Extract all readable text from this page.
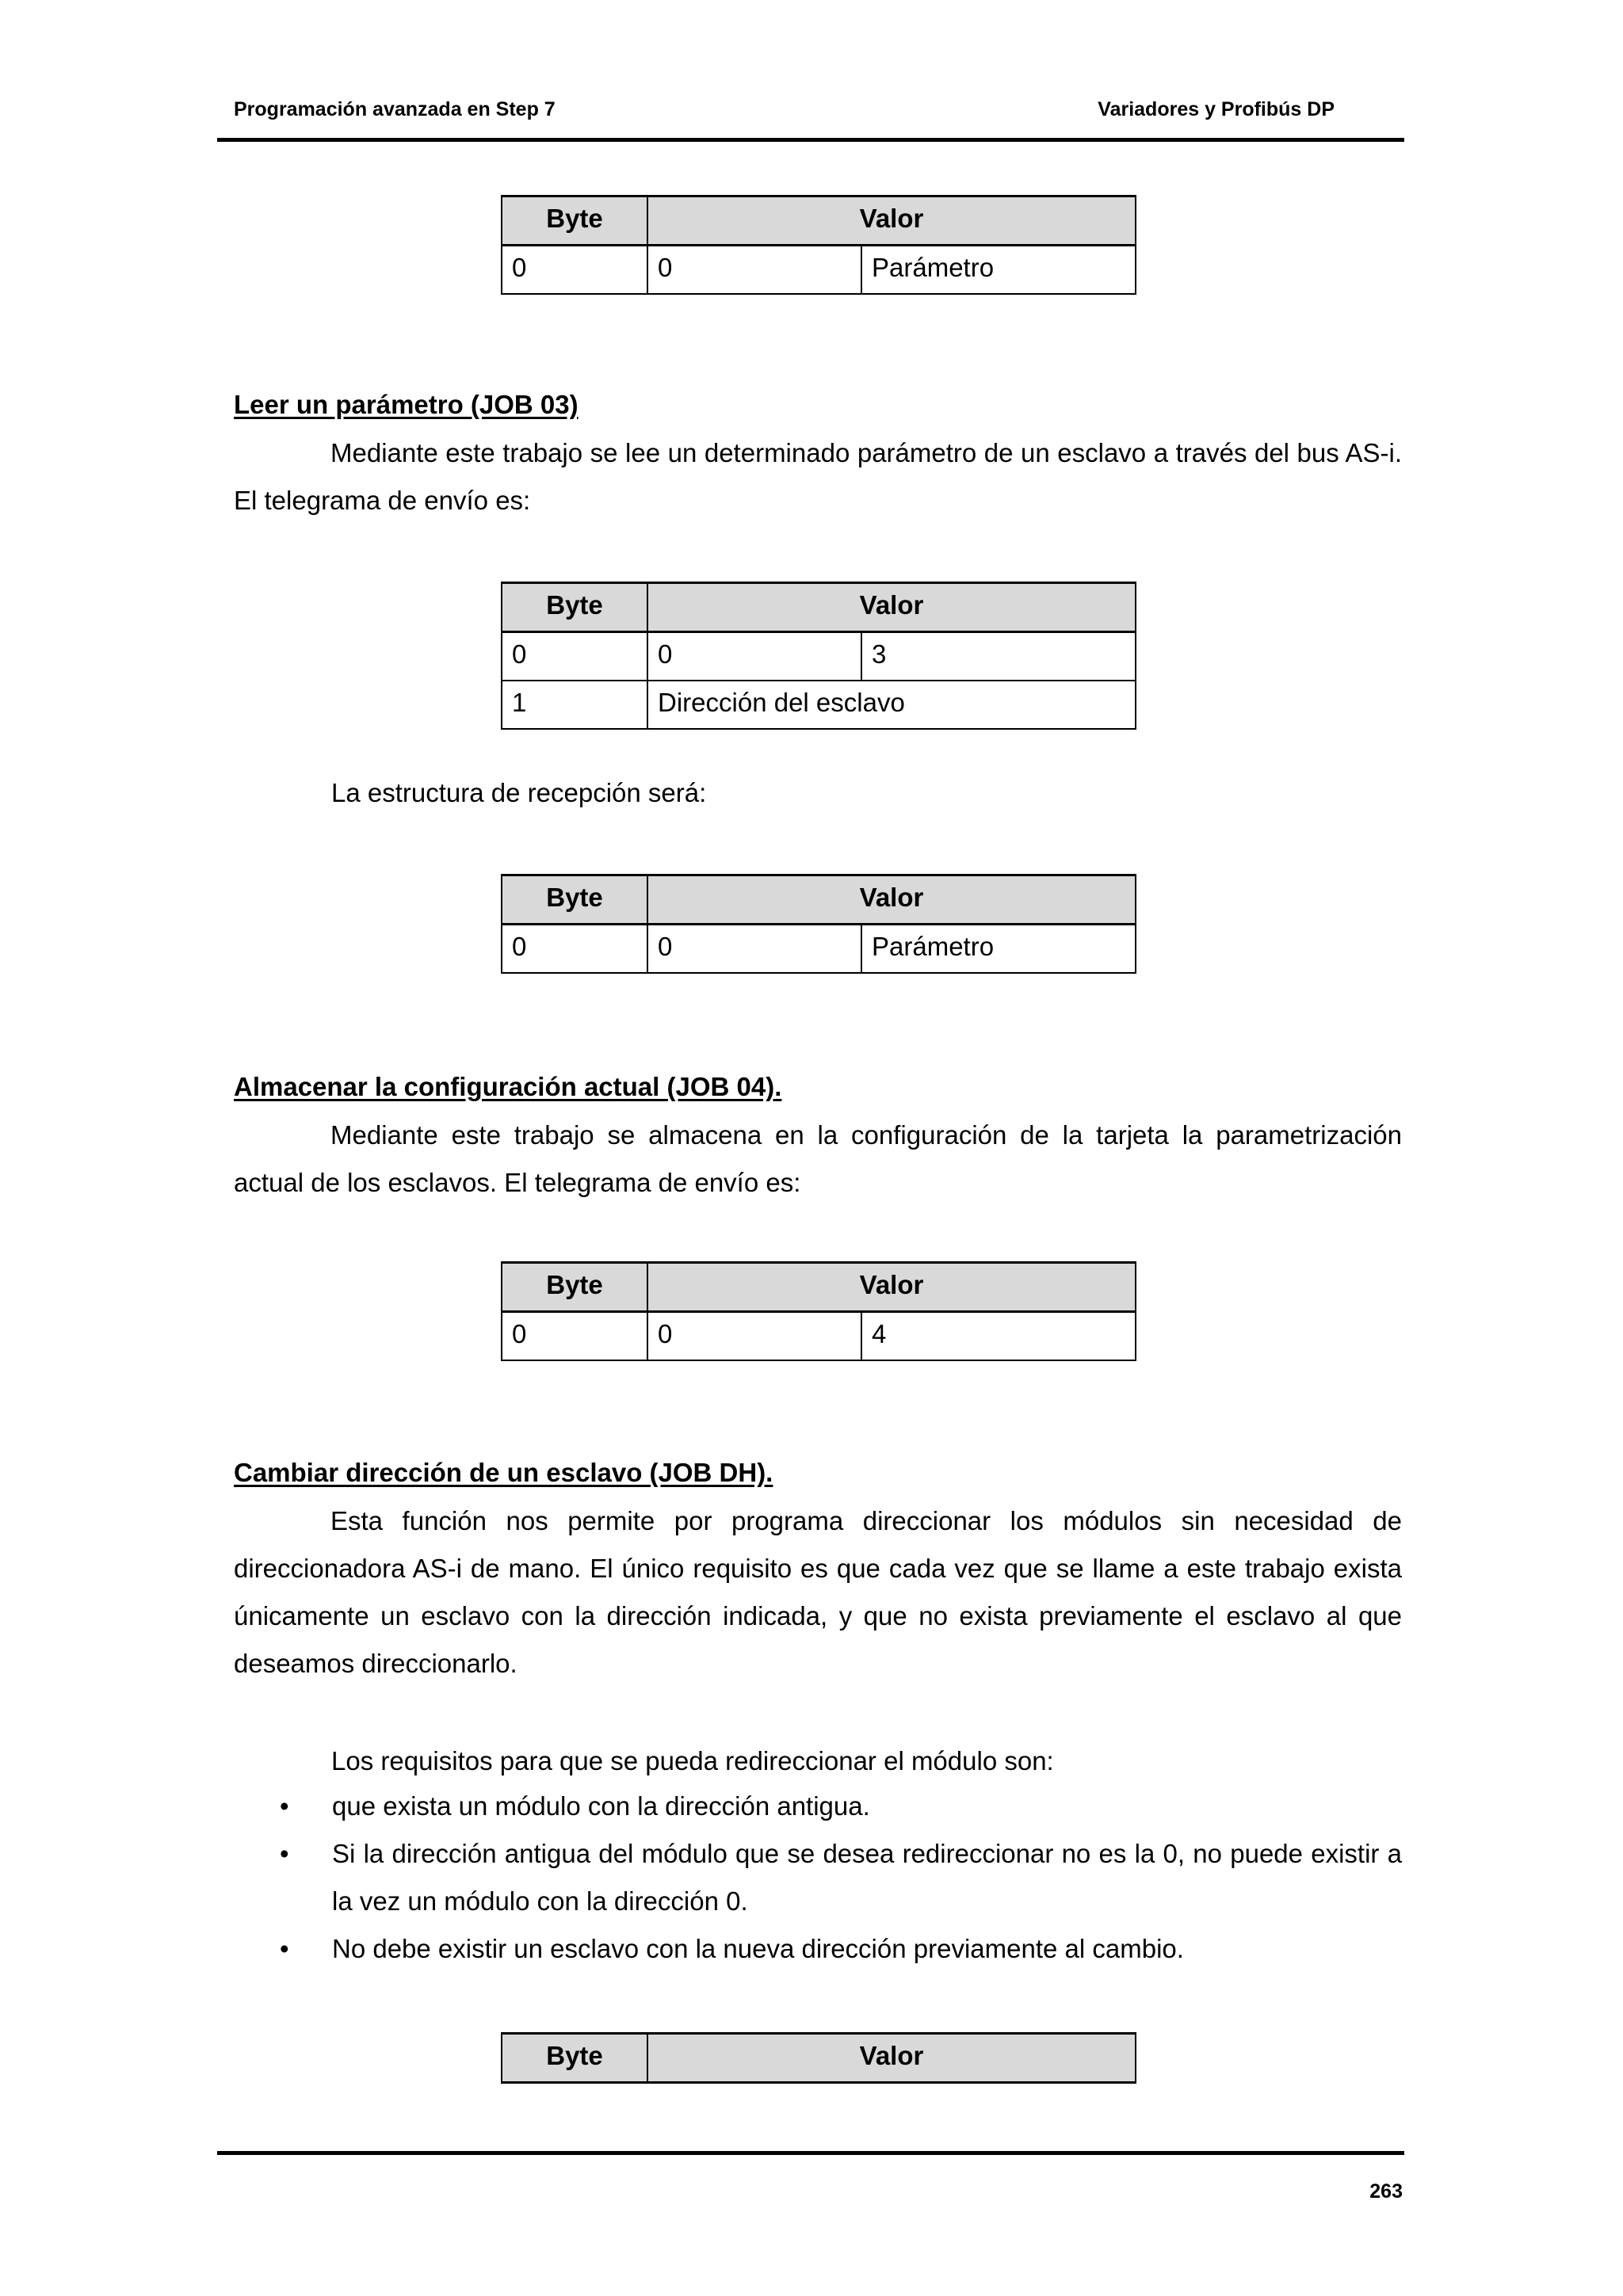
Programación avanzada en Step 7	Variadores y Profibús DP
Byte	Valor	
0	0	Parámetro
Leer un parámetro (JOB 03)

Mediante este trabajo se lee un determinado parámetro de un esclavo a través del bus AS-i. El telegrama de envío es:

Byte	Valor	
0	0	3
1	Dirección del esclavo	
La estructura de recepción será:
Byte	Valor	
0	0	Parámetro
Almacenar la configuración actual (JOB 04).

Mediante este trabajo se almacena en la configuración de la tarjeta la parametrización actual de los esclavos. El telegrama de envío es:

Byte	Valor	
0	0	4
Cambiar dirección de un esclavo (JOB DH).

Esta función nos permite por programa direccionar los módulos sin necesidad de direccionadora AS-i de mano. El único requisito es que cada vez que se llame a este trabajo exista únicamente un esclavo con la dirección indicada, y que no exista previamente el esclavo al que deseamos direccionarlo.

Los requisitos para que se pueda redireccionar el módulo son:
• que exista un módulo con la dirección antigua.
• Si la dirección antigua del módulo que se desea redireccionar no es la 0, no puede existir a la vez un módulo con la dirección 0.
• No debe existir un esclavo con la nueva dirección previamente al cambio.
Byte	Valor
263
